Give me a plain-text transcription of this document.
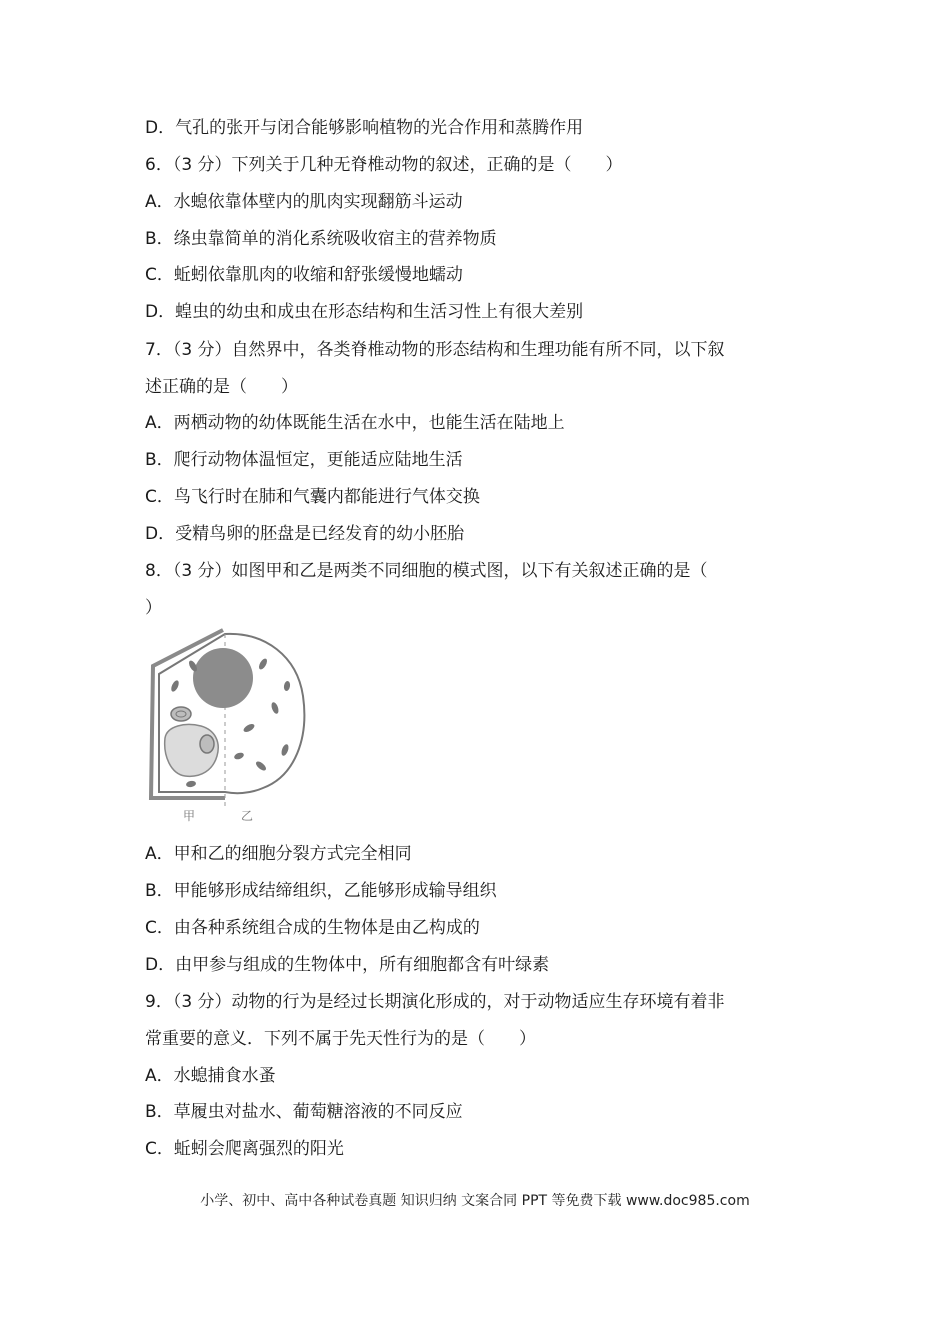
D．气孔的张开与闭合能够影响植物的光合作用和蒸腾作用
6．（3 分）下列关于几种无脊椎动物的叙述，正确的是（　　）
A．水螅依靠体壁内的肌肉实现翻筋斗运动
B．绦虫靠简单的消化系统吸收宿主的营养物质
C．蚯蚓依靠肌肉的收缩和舒张缓慢地蠕动
D．蝗虫的幼虫和成虫在形态结构和生活习性上有很大差别
7．（3 分）自然界中，各类脊椎动物的形态结构和生理功能有所不同，以下叙
述正确的是（　　）
A．两栖动物的幼体既能生活在水中，也能生活在陆地上
B．爬行动物体温恒定，更能适应陆地生活
C．鸟飞行时在肺和气囊内都能进行气体交换
D．受精鸟卵的胚盘是已经发育的幼小胚胎
8．（3 分）如图甲和乙是两类不同细胞的模式图，以下有关叙述正确的是（
）
甲	乙
A．甲和乙的细胞分裂方式完全相同
B．甲能够形成结缔组织，乙能够形成输导组织
C．由各种系统组合成的生物体是由乙构成的
D．由甲参与组成的生物体中，所有细胞都含有叶绿素
9．（3 分）动物的行为是经过长期演化形成的，对于动物适应生存环境有着非
常重要的意义．下列不属于先天性行为的是（　　）
A．水螅捕食水蚤
B．草履虫对盐水、葡萄糖溶液的不同反应
C．蚯蚓会爬离强烈的阳光
小学、初中、高中各种试卷真题 知识归纳 文案合同 PPT 等免费下载 www.doc985.com
